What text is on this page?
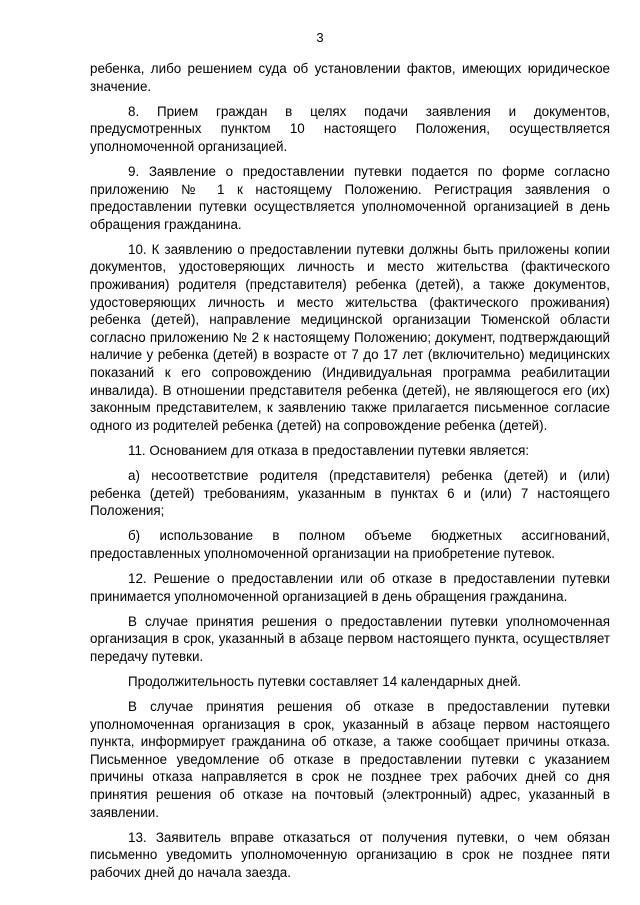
3

ребенка, либо решением суда об установлении фактов, имеющих юридическое значение.

8. Прием граждан в целях подачи заявления и документов, предусмотренных пунктом 10 настоящего Положения, осуществляется уполномоченной организацией.

9. Заявление о предоставлении путевки подается по форме согласно приложению № 1 к настоящему Положению. Регистрация заявления о предоставлении путевки осуществляется уполномоченной организацией в день обращения гражданина.

10. К заявлению о предоставлении путевки должны быть приложены копии документов, удостоверяющих личность и место жительства (фактического проживания) родителя (представителя) ребенка (детей), а также документов, удостоверяющих личность и место жительства (фактического проживания) ребенка (детей), направление медицинской организации Тюменской области согласно приложению № 2 к настоящему Положению; документ, подтверждающий наличие у ребенка (детей) в возрасте от 7 до 17 лет (включительно) медицинских показаний к его сопровождению (Индивидуальная программа реабилитации инвалида). В отношении представителя ребенка (детей), не являющегося его (их) законным представителем, к заявлению также прилагается письменное согласие одного из родителей ребенка (детей) на сопровождение ребенка (детей).

11. Основанием для отказа в предоставлении путевки является:

а) несоответствие родителя (представителя) ребенка (детей) и (или) ребенка (детей) требованиям, указанным в пунктах 6 и (или) 7 настоящего Положения;

б) использование в полном объеме бюджетных ассигнований, предоставленных уполномоченной организации на приобретение путевок.

12. Решение о предоставлении или об отказе в предоставлении путевки принимается уполномоченной организацией в день обращения гражданина.

В случае принятия решения о предоставлении путевки уполномоченная организация в срок, указанный в абзаце первом настоящего пункта, осуществляет передачу путевки.

Продолжительность путевки составляет 14 календарных дней.

В случае принятия решения об отказе в предоставлении путевки уполномоченная организация в срок, указанный в абзаце первом настоящего пункта, информирует гражданина об отказе, а также сообщает причины отказа. Письменное уведомление об отказе в предоставлении путевки с указанием причины отказа направляется в срок не позднее трех рабочих дней со дня принятия решения об отказе на почтовый (электронный) адрес, указанный в заявлении.

13. Заявитель вправе отказаться от получения путевки, о чем обязан письменно уведомить уполномоченную организацию в срок не позднее пяти рабочих дней до начала заезда.
